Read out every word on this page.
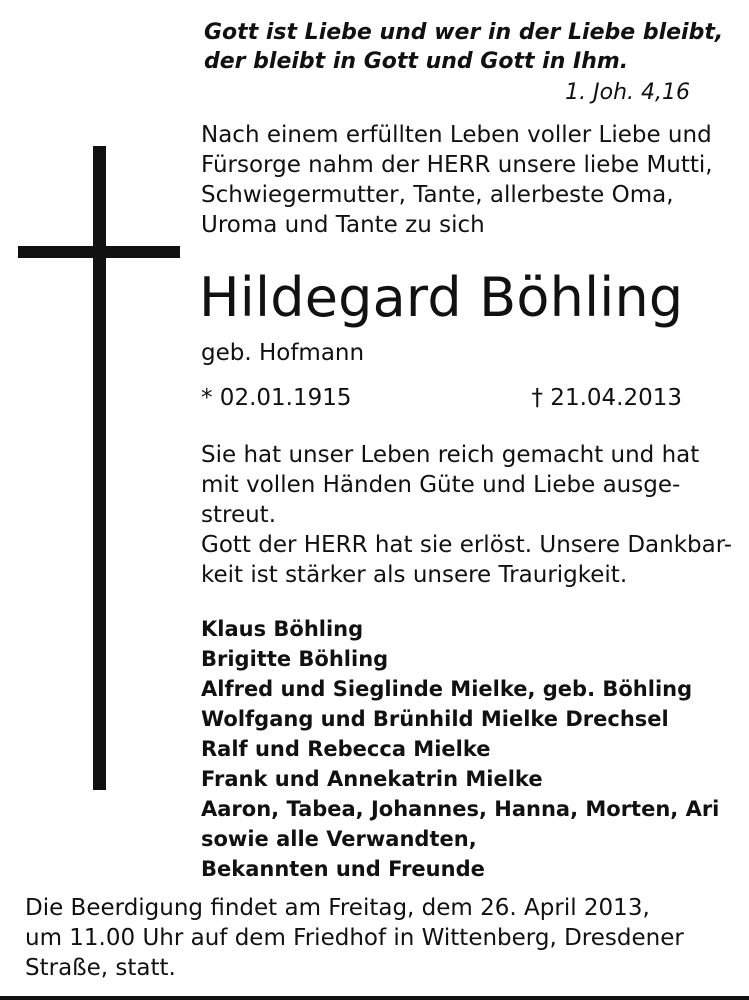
Gott ist Liebe und wer in der Liebe bleibt,
der bleibt in Gott und Gott in Ihm.
1. Joh. 4,16
Nach einem erfüllten Leben voller Liebe und
Fürsorge nahm der HERR unsere liebe Mutti,
Schwiegermutter, Tante, allerbeste Oma,
Uroma und Tante zu sich
Hildegard Böhling
geb. Hofmann
* 02.01.1915	† 21.04.2013
Sie hat unser Leben reich gemacht und hat
mit vollen Händen Güte und Liebe ausge-
streut.
Gott der HERR hat sie erlöst. Unsere Dankbar-
keit ist stärker als unsere Traurigkeit.
Klaus Böhling
Brigitte Böhling
Alfred und Sieglinde Mielke, geb. Böhling
Wolfgang und Brünhild Mielke Drechsel
Ralf und Rebecca Mielke
Frank und Annekatrin Mielke
Aaron, Tabea, Johannes, Hanna, Morten, Ari
sowie alle Verwandten,
Bekannten und Freunde
Die Beerdigung findet am Freitag, dem 26. April 2013,
um 11.00 Uhr auf dem Friedhof in Wittenberg, Dresdener
Straße, statt.
